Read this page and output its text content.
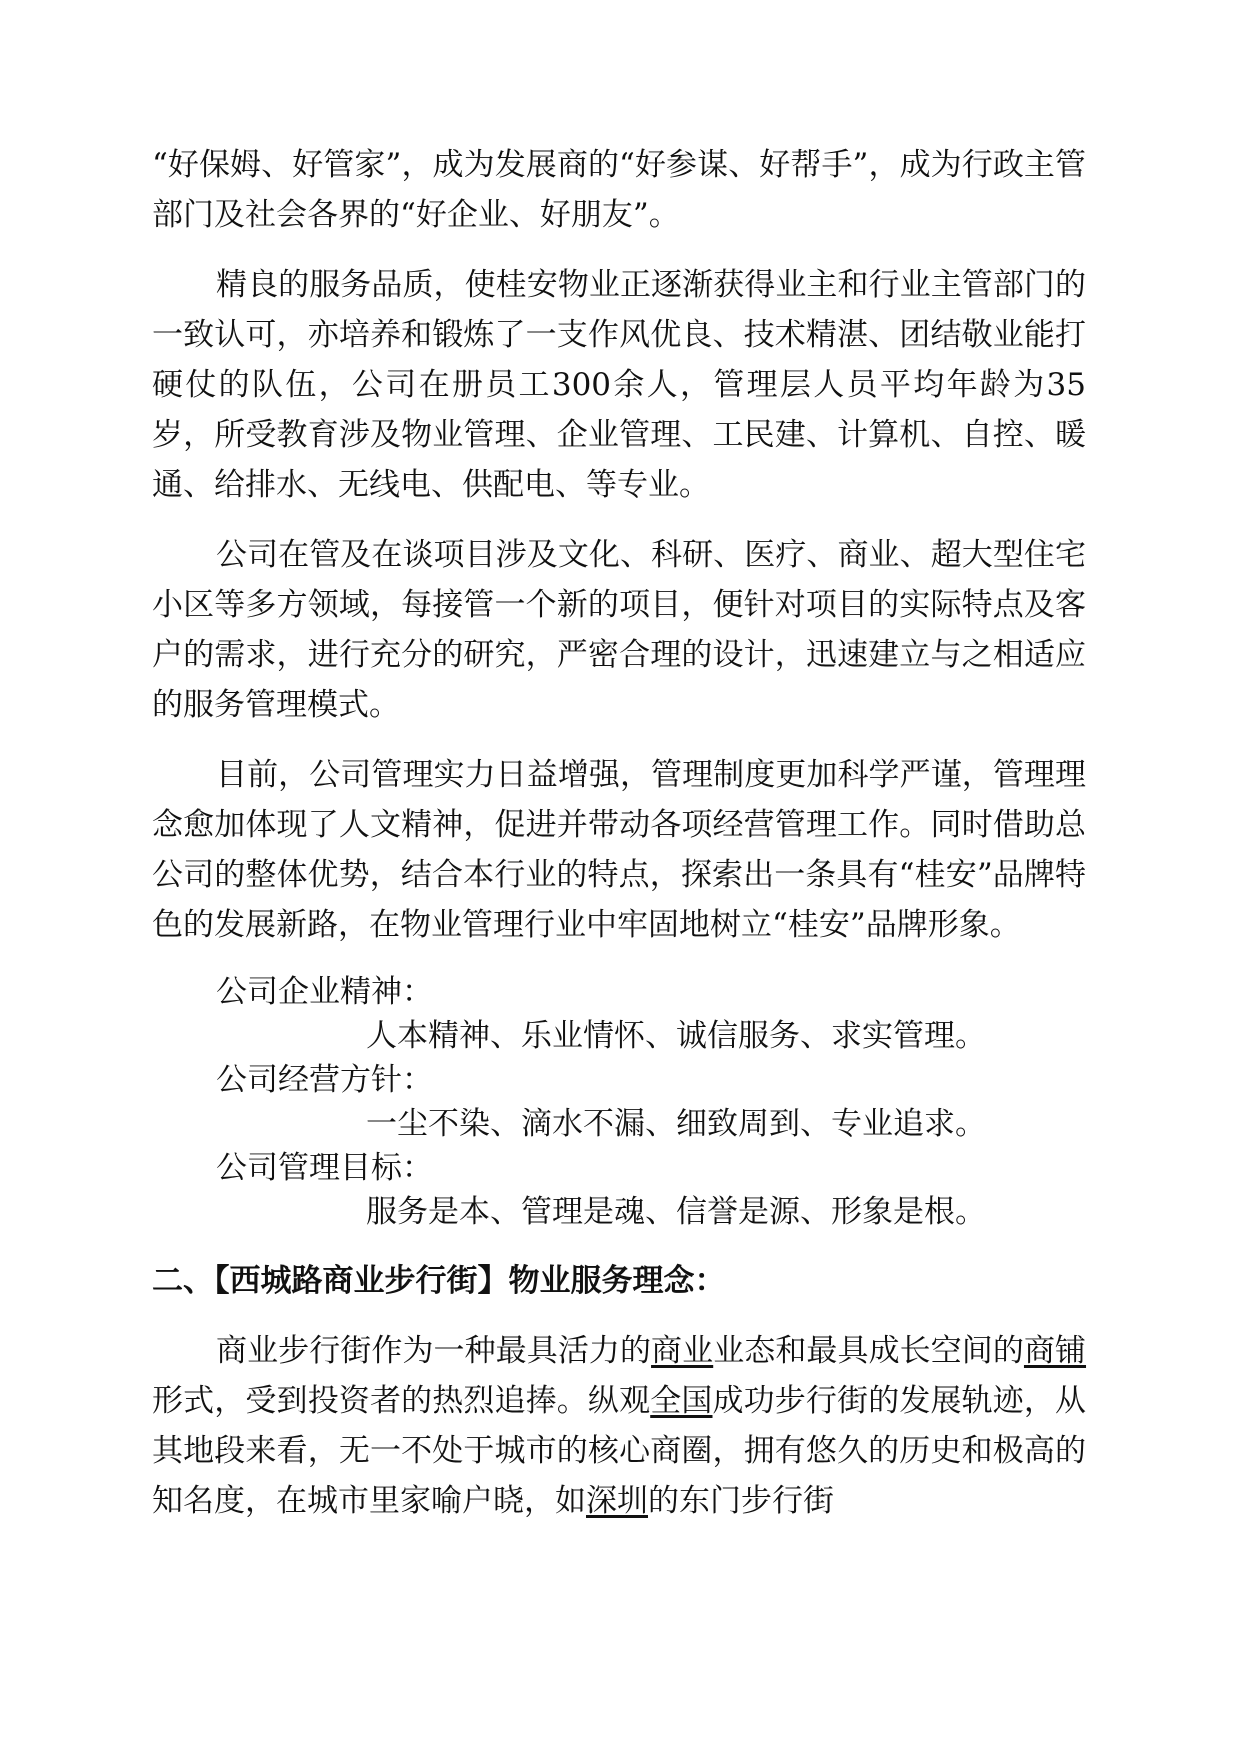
“好保姆、好管家”，成为发展商的“好参谋、好帮手”，成为行政主管部门及社会各界的“好企业、好朋友”。

精良的服务品质，使桂安物业正逐渐获得业主和行业主管部门的一致认可，亦培养和锻炼了一支作风优良、技术精湛、团结敬业能打硬仗的队伍，公司在册员工300余人，管理层人员平均年龄为35岁，所受教育涉及物业管理、企业管理、工民建、计算机、自控、暖通、给排水、无线电、供配电、等专业。

公司在管及在谈项目涉及文化、科研、医疗、商业、超大型住宅小区等多方领域，每接管一个新的项目，便针对项目的实际特点及客户的需求，进行充分的研究，严密合理的设计，迅速建立与之相适应的服务管理模式。

目前，公司管理实力日益增强，管理制度更加科学严谨，管理理念愈加体现了人文精神，促进并带动各项经营管理工作。同时借助总公司的整体优势，结合本行业的特点，探索出一条具有“桂安”品牌特色的发展新路，在物业管理行业中牢固地树立“桂安”品牌形象。

公司企业精神：

人本精神、乐业情怀、诚信服务、求实管理。

公司经营方针：

一尘不染、滴水不漏、细致周到、专业追求。

公司管理目标：

服务是本、管理是魂、信誉是源、形象是根。

二、【西城路商业步行街】物业服务理念：

商业步行街作为一种最具活力的商业业态和最具成长空间的商铺形式，受到投资者的热烈追捧。纵观全国成功步行街的发展轨迹，从其地段来看，无一不处于城市的核心商圈，拥有悠久的历史和极高的知名度，在城市里家喻户晓，如深圳的东门步行街
